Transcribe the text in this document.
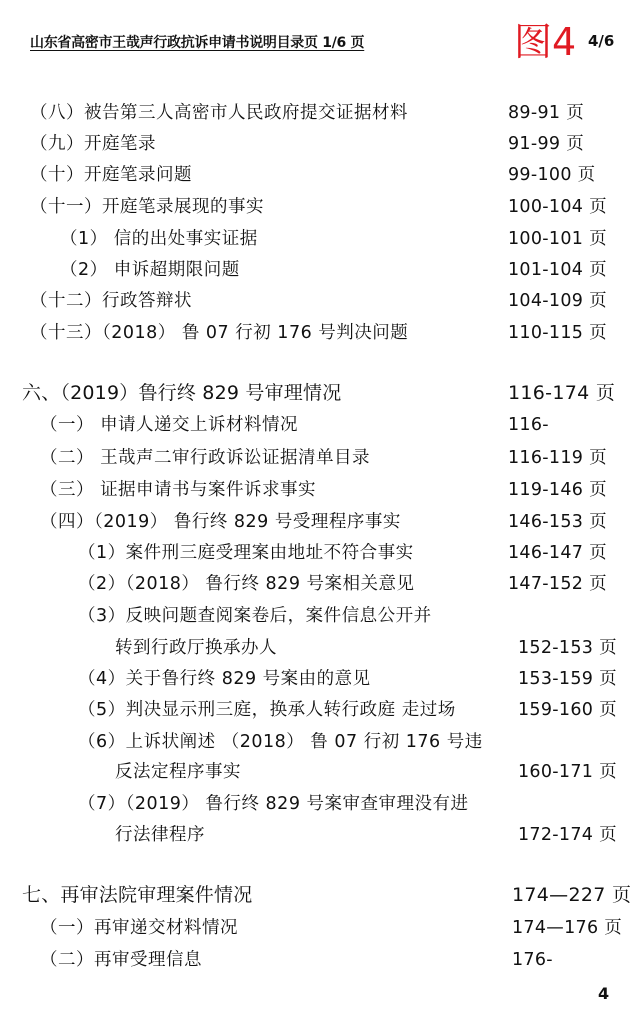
山东省高密市王哉声行政抗诉申请书说明目录页 1/6 页	图4 4/6
（八）被告第三人高密市人民政府提交证据材料	89-91 页
（九）开庭笔录	91-99 页
（十）开庭笔录问题	99-100 页
（十一）开庭笔录展现的事实	100-104 页
（1） 信的出处事实证据	100-101 页
（2） 申诉超期限问题	101-104 页
（十二）行政答辩状	104-109 页
（十三）（2018） 鲁 07 行初 176 号判决问题	110-115 页
六、（2019）鲁行终 829 号审理情况	116-174 页
（一） 申请人递交上诉材料情况	116-
（二） 王哉声二审行政诉讼证据清单目录	116-119 页
（三） 证据申请书与案件诉求事实	119-146 页
（四）（2019） 鲁行终 829 号受理程序事实	146-153 页
（1）案件刑三庭受理案由地址不符合事实	146-147 页
（2）（2018） 鲁行终 829 号案相关意见	147-152 页
（3）反映问题查阅案卷后，案件信息公开并
转到行政厅换承办人	152-153 页
（4）关于鲁行终 829 号案由的意见	153-159 页
（5）判决显示刑三庭，换承人转行政庭 走过场	159-160 页
（6）上诉状阐述 （2018） 鲁 07 行初 176 号违
反法定程序事实	160-171 页
（7）（2019） 鲁行终 829 号案审查审理没有进
行法律程序	172-174 页
七、再审法院审理案件情况	174—227 页
（一）再审递交材料情况	174—176 页
（二）再审受理信息	176-
4
